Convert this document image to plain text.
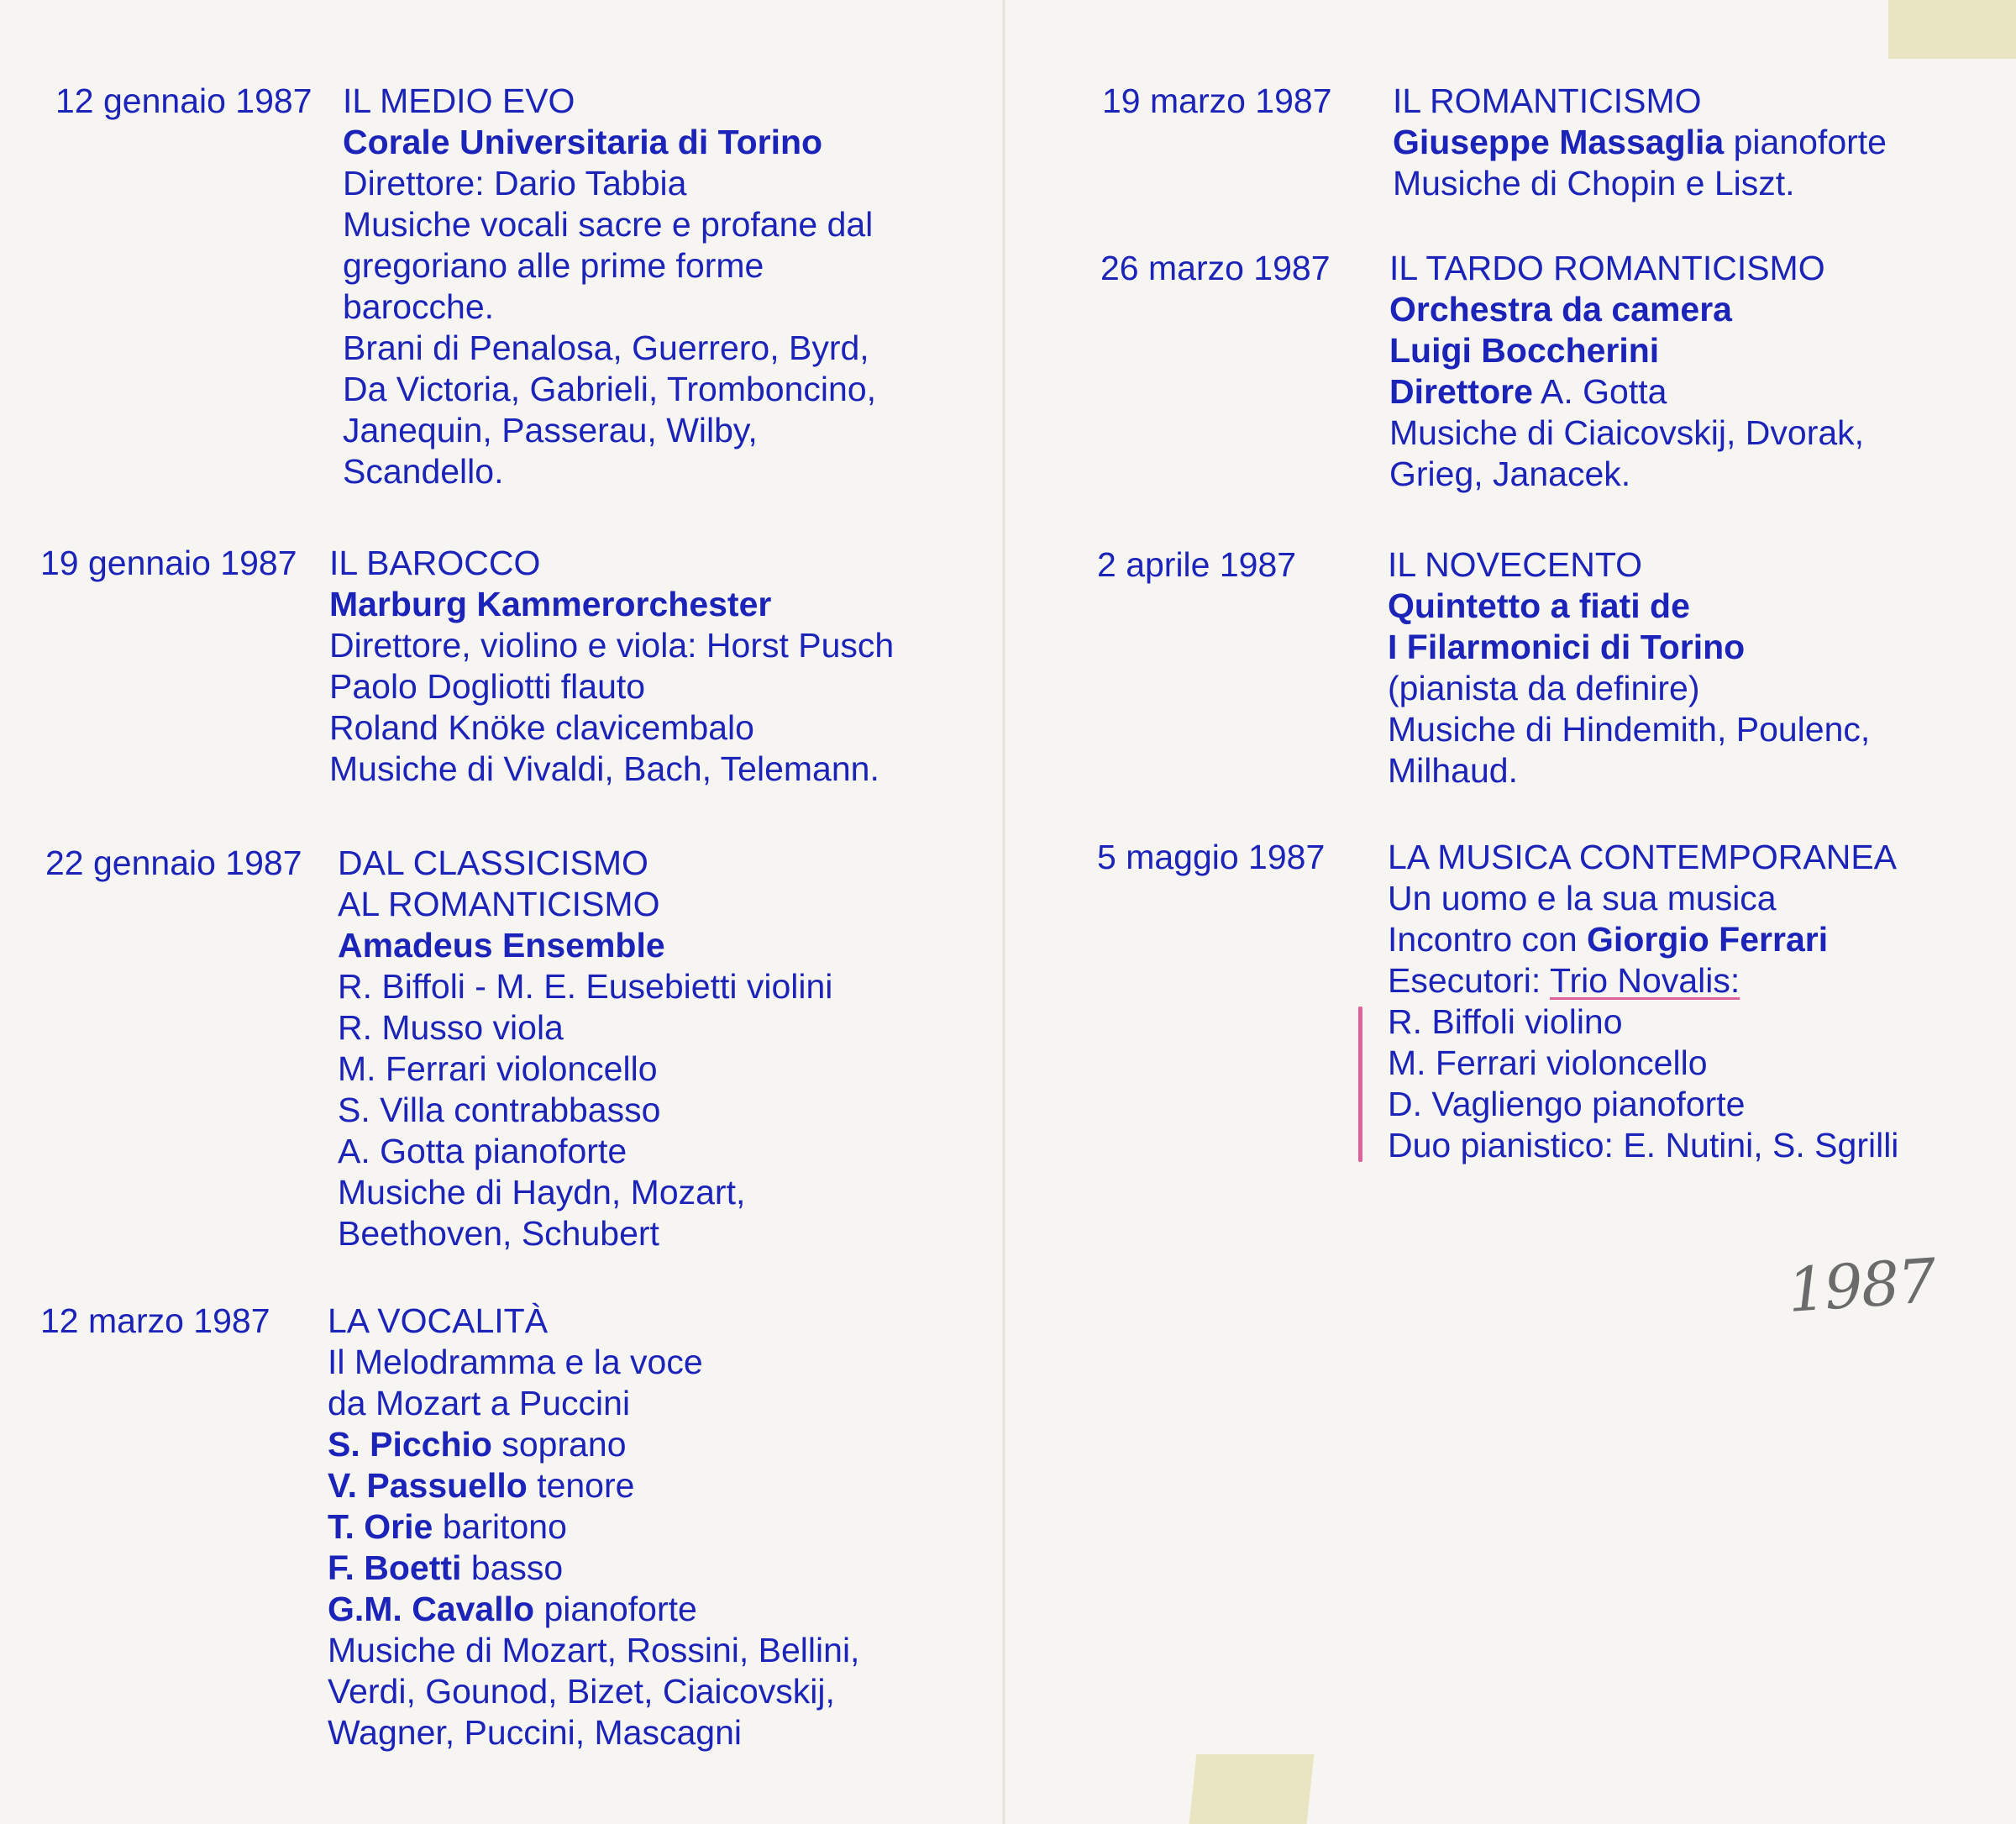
12 gennaio 1987 IL MEDIO EVO
Corale Universitaria di Torino
Direttore: Dario Tabbia
Musiche vocali sacre e profane dal
gregoriano alle prime forme
barocche.
Brani di Penalosa, Guerrero, Byrd,
Da Victoria, Gabrieli, Tromboncino,
Janequin, Passerau, Wilby,
Scandello.
19 gennaio 1987 IL BAROCCO
Marburg Kammerorchester
Direttore, violino e viola: Horst Pusch
Paolo Dogliotti flauto
Roland Knöke clavicembalo
Musiche di Vivaldi, Bach, Telemann.
22 gennaio 1987 DAL CLASSICISMO
AL ROMANTICISMO
Amadeus Ensemble
R. Biffoli - M. E. Eusebietti violini
R. Musso viola
M. Ferrari violoncello
S. Villa contrabbasso
A. Gotta pianoforte
Musiche di Haydn, Mozart,
Beethoven, Schubert
12 marzo 1987 LA VOCALITÀ
Il Melodramma e la voce
da Mozart a Puccini
S. Picchio soprano
V. Passuello tenore
T. Orie baritono
F. Boetti basso
G.M. Cavallo pianoforte
Musiche di Mozart, Rossini, Bellini,
Verdi, Gounod, Bizet, Ciaicovskij,
Wagner, Puccini, Mascagni
19 marzo 1987 IL ROMANTICISMO
Giuseppe Massaglia pianoforte
Musiche di Chopin e Liszt.
26 marzo 1987 IL TARDO ROMANTICISMO
Orchestra da camera
Luigi Boccherini
Direttore A. Gotta
Musiche di Ciaicovskij, Dvorak,
Grieg, Janacek.
2 aprile 1987	IL NOVECENTO
Quintetto a fiati de
I Filarmonici di Torino
(pianista da definire)
Musiche di Hindemith, Poulenc,
Milhaud.
5 maggio 1987 LA MUSICA CONTEMPORANEA
Un uomo e la sua musica
Incontro con Giorgio Ferrari
Esecutori: Trio Novalis:
R. Biffoli violino
M. Ferrari violoncello
D. Vagliengo pianoforte
Duo pianistico: E. Nutini, S. Sgrilli
1987
